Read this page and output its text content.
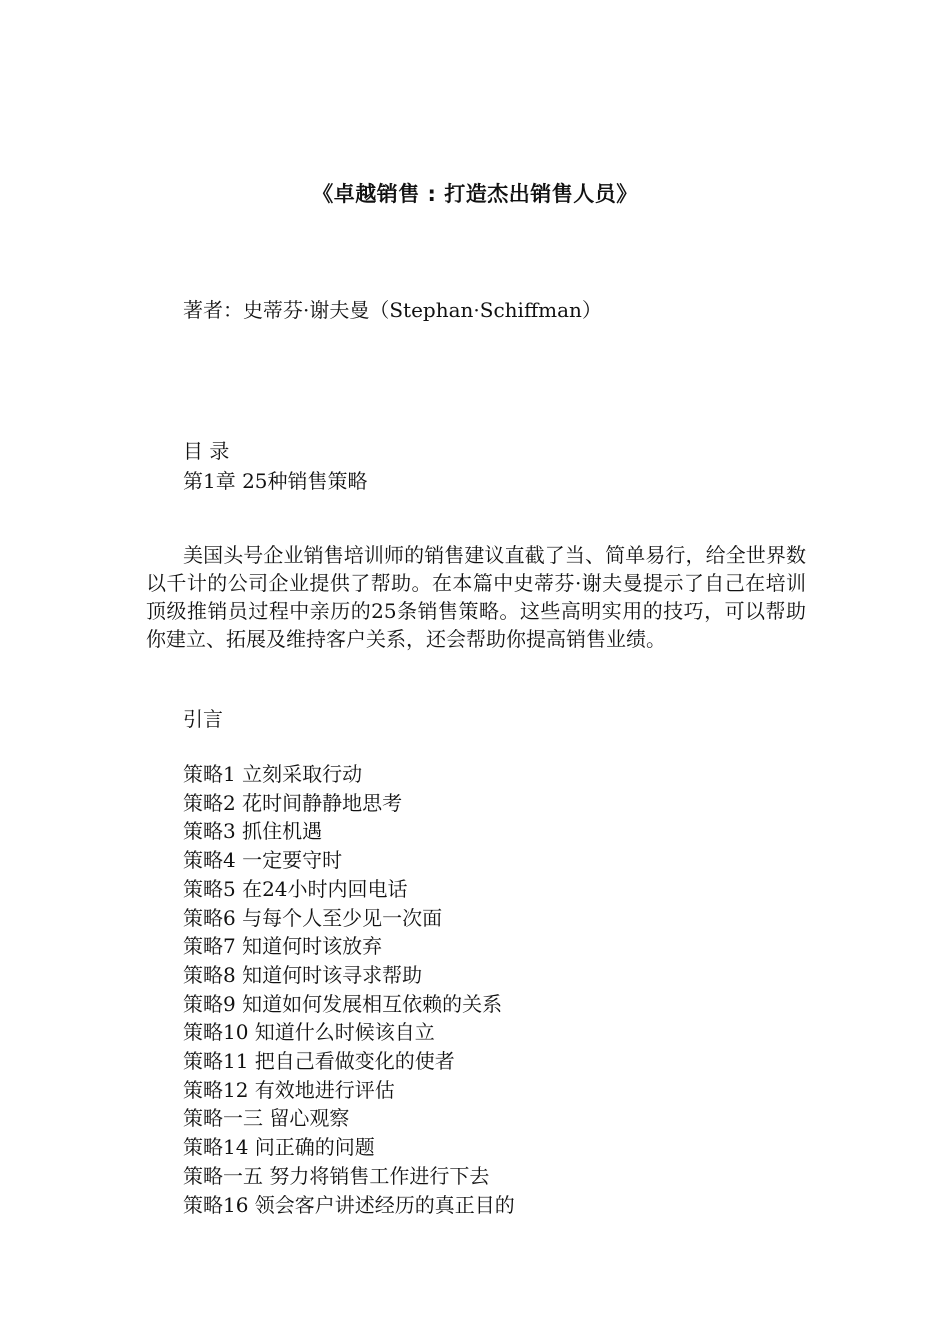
《卓越销售 : 打造杰出销售人员》
著者：史蒂芬·谢夫曼（Stephan·Schiffman）
目 录
第1章 25种销售策略

美国头号企业销售培训师的销售建议直截了当、简单易行，给全世界数以千计的公司企业提供了帮助。在本篇中史蒂芬·谢夫曼提示了自己在培训顶级推销员过程中亲历的25条销售策略。这些高明实用的技巧，可以帮助你建立、拓展及维持客户关系，还会帮助你提高销售业绩。

引言
策略1 立刻采取行动
策略2 花时间静静地思考
策略3 抓住机遇
策略4 一定要守时
策略5 在24小时内回电话
策略6 与每个人至少见一次面
策略7 知道何时该放弃
策略8 知道何时该寻求帮助
策略9 知道如何发展相互依赖的关系
策略10 知道什么时候该自立
策略11 把自己看做变化的使者
策略12 有效地进行评估
策略一三 留心观察
策略14 问正确的问题
策略一五 努力将销售工作进行下去
策略16 领会客户讲述经历的真正目的
